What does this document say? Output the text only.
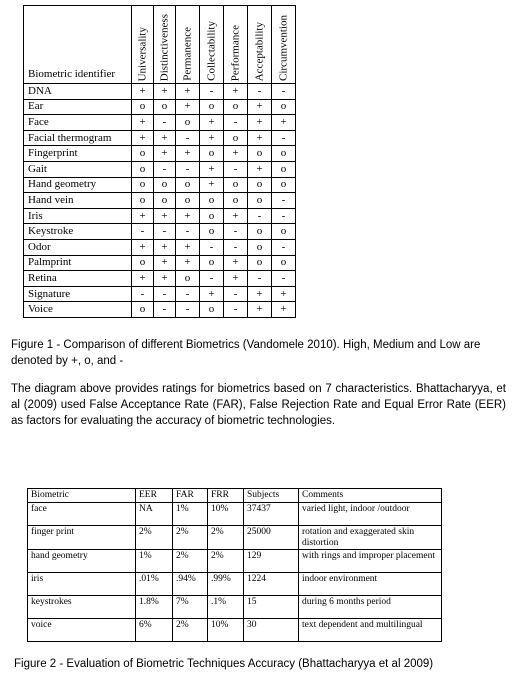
Biometric identifier	Universality	Distinctiveness	Permanence	Collectability	Performance	Acceptability	Circumvention

DNA	+	+	+	-	+	-	-
Ear	o	o	+	o	o	+	o
Face	+	-	o	+	-	+	+
Facial thermogram	+	+	-	+	o	+	-
Fingerprint	o	+	+	o	+	o	o
Gait	o	-	-	+	-	+	o
Hand geometry	o	o	o	+	o	o	o
Hand vein	o	o	o	o	o	o	-
Iris	+	+	+	o	+	-	-
Keystroke	-	-	-	o	-	o	o
Odor	+	+	+	-	-	o	-
Palmprint	o	+	+	o	+	o	o
Retina	+	+	o	-	+	-	-
Signature	-	-	-	+	-	+	+
Voice	o	-	-	o	-	+	+

Figure 1 - Comparison of different Biometrics (Vandomele 2010). High, Medium and Low are denoted by +, o, and -

The diagram above provides ratings for biometrics based on 7 characteristics. Bhattacharyya, et al (2009) used False Acceptance Rate (FAR), False Rejection Rate and Equal Error Rate (EER) as factors for evaluating the accuracy of biometric technologies.

Biometric	EER	FAR	FRR	Subjects	Comments
face	NA	1%	10%	37437	varied light, indoor /outdoor
finger print	2%	2%	2%	25000	rotation and exaggerated skin distortion
hand geometry	1%	2%	2%	129	with rings and improper placement
iris	.01%	.94%	.99%	1224	indoor environment
keystrokes	1.8%	7%	.1%	15	during 6 months period
voice	6%	2%	10%	30	text dependent and multilingual

Figure 2 - Evaluation of Biometric Techniques Accuracy (Bhattacharyya et al 2009)
